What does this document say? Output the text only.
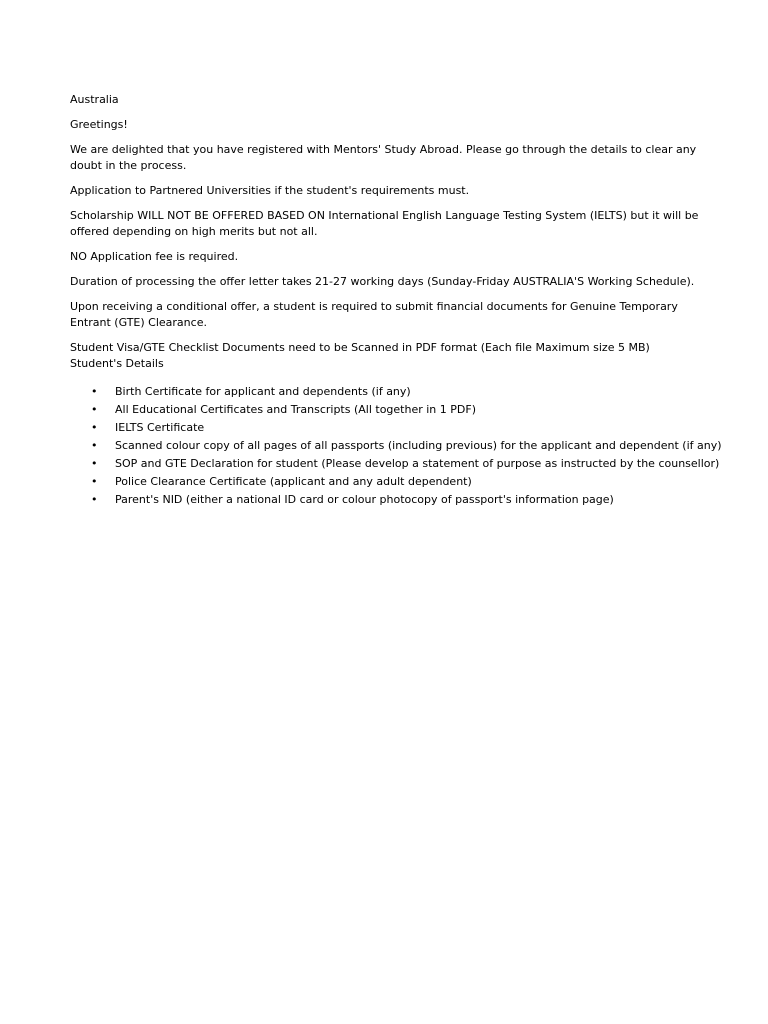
Australia

Greetings!

We are delighted that you have registered with Mentors' Study Abroad. Please go through the details to clear any doubt in the process.

Application to Partnered Universities if the student's requirements must.

Scholarship WILL NOT BE OFFERED BASED ON International English Language Testing System (IELTS) but it will be offered depending on high merits but not all.

NO Application fee is required.

Duration of processing the offer letter takes 21-27 working days (Sunday-Friday AUSTRALIA'S Working Schedule).

Upon receiving a conditional offer, a student is required to submit financial documents for Genuine Temporary Entrant (GTE) Clearance.

Student Visa/GTE Checklist Documents need to be Scanned in PDF format (Each file Maximum size 5 MB) Student's Details

• Birth Certificate for applicant and dependents (if any)
• All Educational Certificates and Transcripts (All together in 1 PDF)
• IELTS Certificate
• Scanned colour copy of all pages of all passports (including previous) for the applicant and dependent (if any)
• SOP and GTE Declaration for student (Please develop a statement of purpose as instructed by the counsellor)
• Police Clearance Certificate (applicant and any adult dependent)
• Parent's NID (either a national ID card or colour photocopy of passport's information page)
